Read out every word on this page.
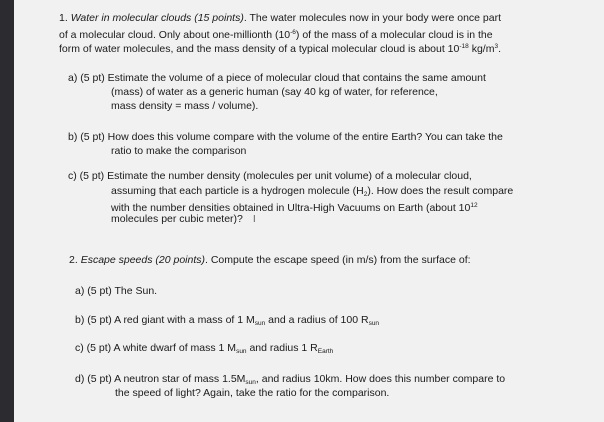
1. Water in molecular clouds (15 points). The water molecules now in your body were once part
of a molecular cloud. Only about one-millionth $(10^{-6})$ of the mass of a molecular cloud is in the
form of water molecules, and the mass density of a typical molecular cloud is about $10^{-18}$ $kg/m^3$.
a) (5 pt) Estimate the volume of a piece of molecular cloud that contains the same amount
(mass) of water as a generic human (say 40 kg of water, for reference,
mass density = mass / volume).
b) (5 pt) How does this volume compare with the volume of the entire Earth? You can take the
ratio to make the comparison
c) (5 pt) Estimate the number density (molecules per unit volume) of a molecular cloud,
assuming that each particle is a hydrogen molecule $(H_2)$. How does the result compare
with the number densities obtained in Ultra-High Vacuums on Earth (about $10^{12}$
molecules per cubic meter)? I
2. Escape speeds (20 points). Compute the escape speed (in m/s) from the surface of:
a) (5 pt) The Sun.
b) (5 pt) A red giant with a mass of 1 $M_{sun}$ and a radius of 100 $R_{sun}$
c) (5 pt) A white dwarf of mass 1 $M_{sun}$ and radius 1 $R_{Earth}$
d) (5 pt) A neutron star of mass $1.5M_{sun}$, and radius 10km. How does this number compare to
the speed of light? Again, take the ratio for the comparison.
